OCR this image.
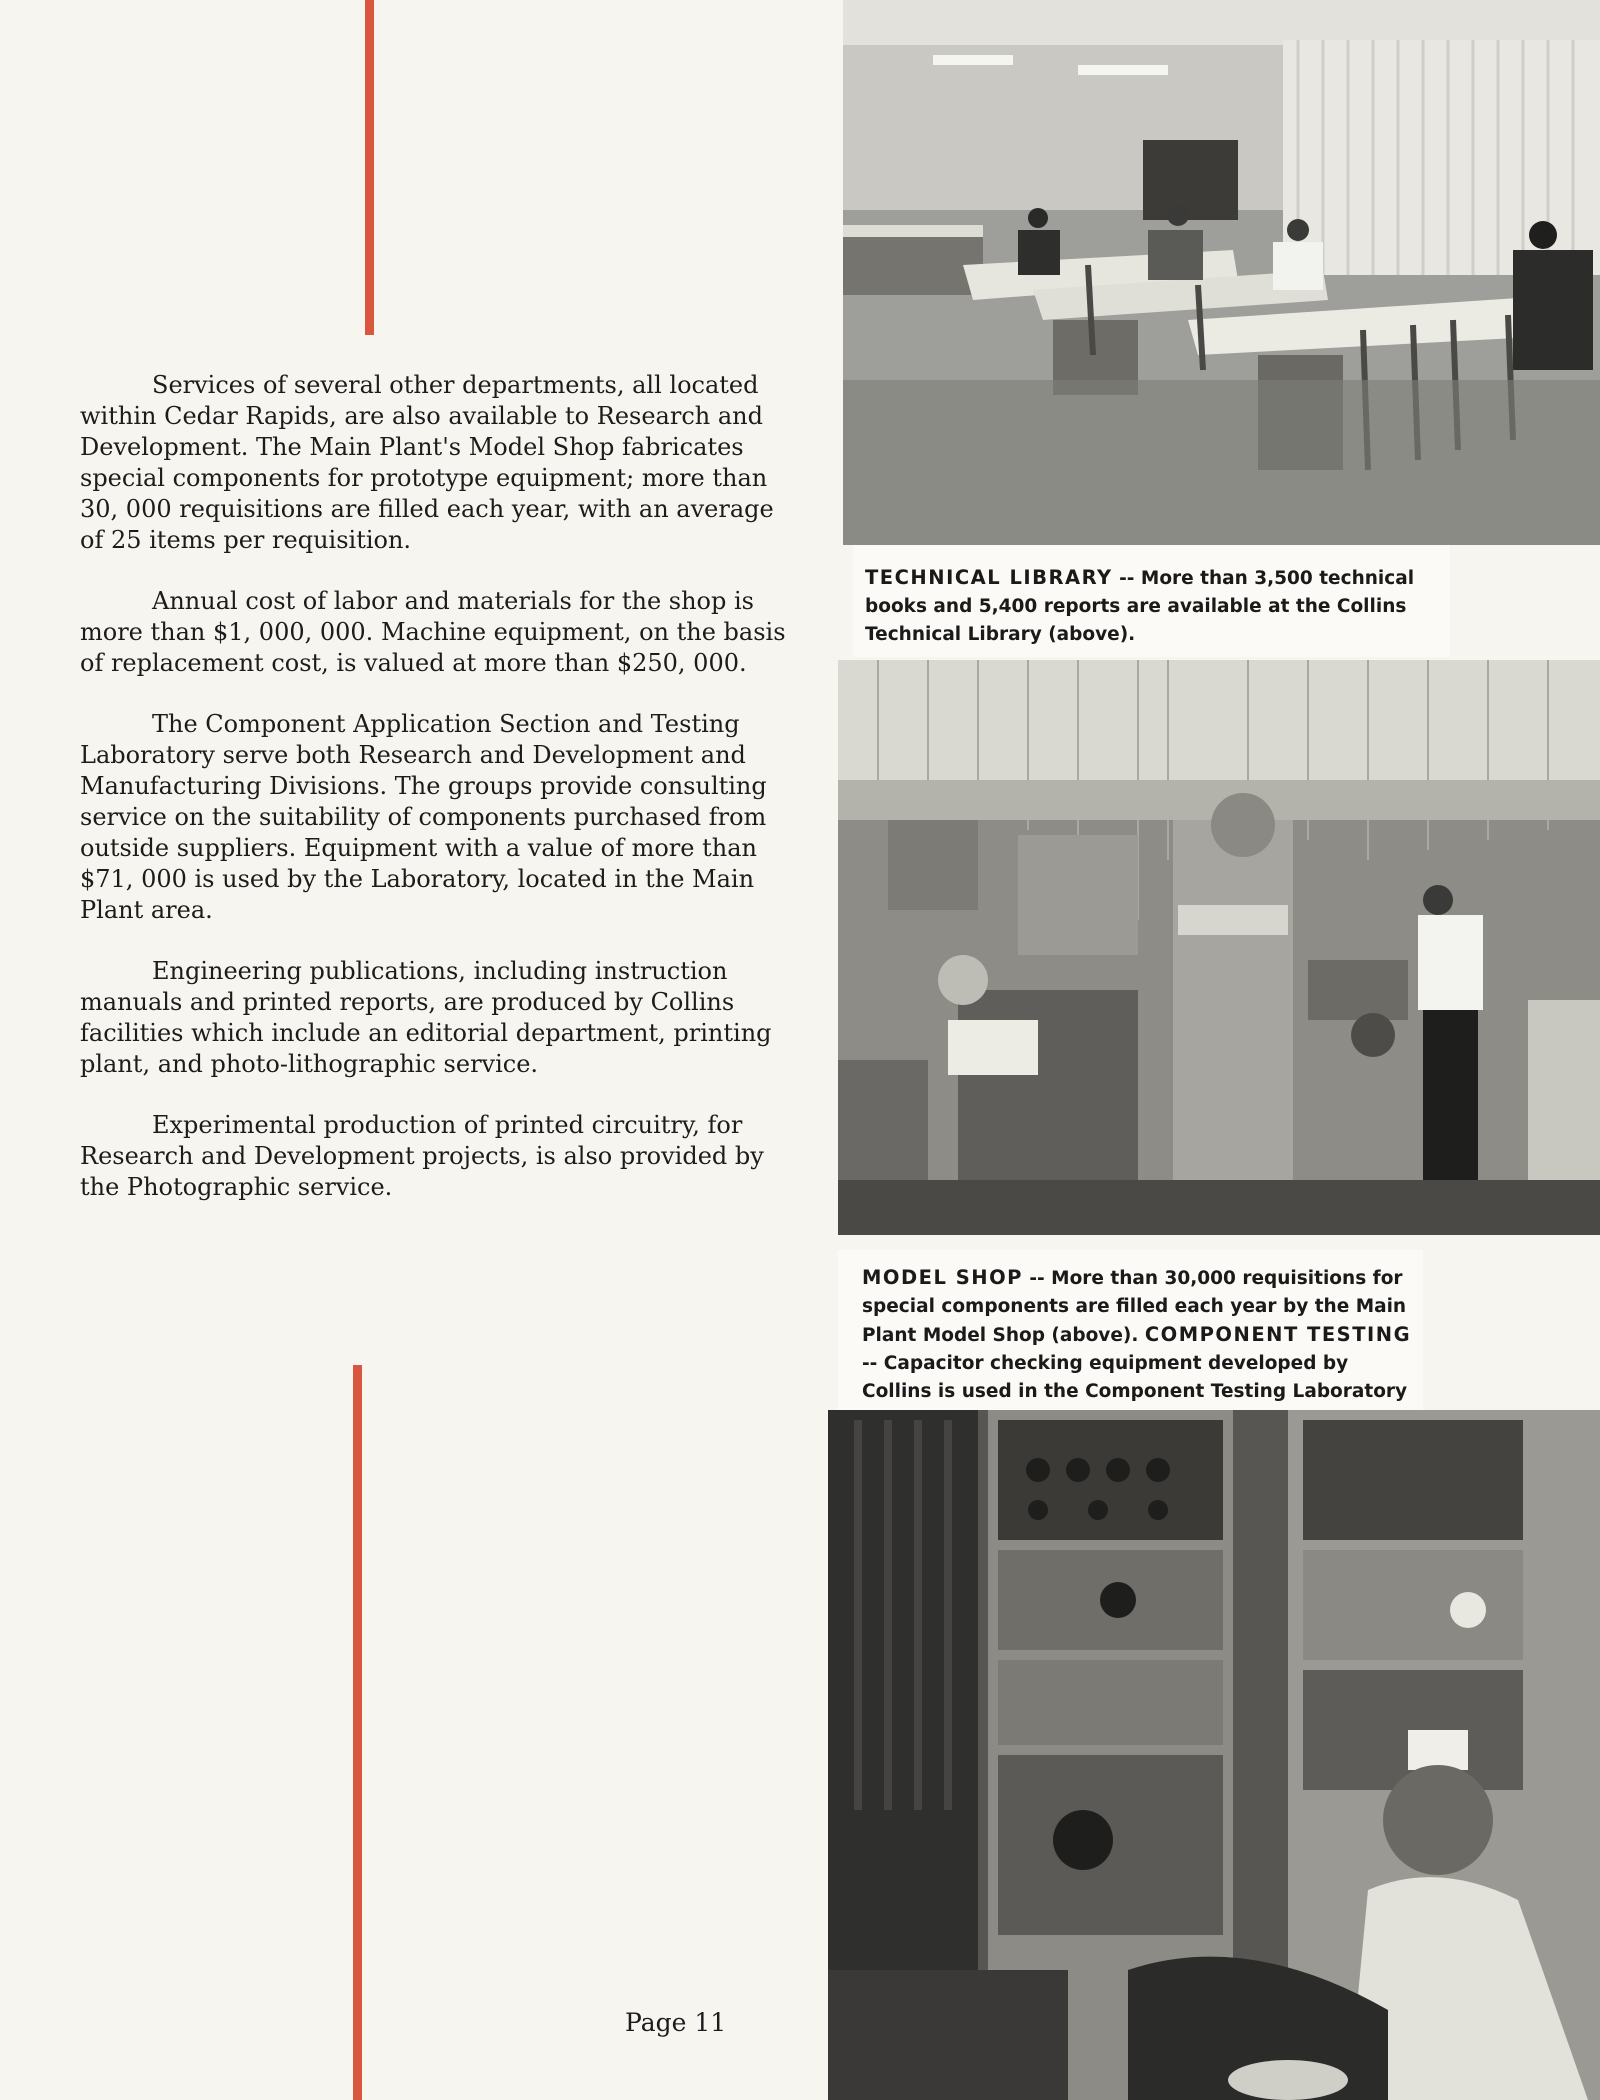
Services of several other departments, all located within Cedar Rapids, are also available to Research and Development. The Main Plant's Model Shop fabricates special components for prototype equipment; more than 30, 000 requisitions are filled each year, with an average of 25 items per requisition.

Annual cost of labor and materials for the shop is more than $1, 000, 000. Machine equipment, on the basis of replacement cost, is valued at more than $250, 000.

The Component Application Section and Testing Laboratory serve both Research and Development and Manufacturing Divisions. The groups provide consulting service on the suitability of components purchased from outside suppliers. Equipment with a value of more than $71, 000 is used by the Laboratory, located in the Main Plant area.

Engineering publications, including instruction manuals and printed reports, are produced by Collins facilities which include an editorial department, printing plant, and photo-lithographic service.

Experimental production of printed circuitry, for Research and Development projects, is also provided by the Photographic service.

TECHNICAL LIBRARY -- More than 3,500 technical books and 5,400 reports are available at the Collins Technical Library (above).
MODEL SHOP -- More than 30,000 requisitions for special components are filled each year by the Main Plant Model Shop (above). COMPONENT TESTING -- Capacitor checking equipment developed by Collins is used in the Component Testing Laboratory
Page 11
